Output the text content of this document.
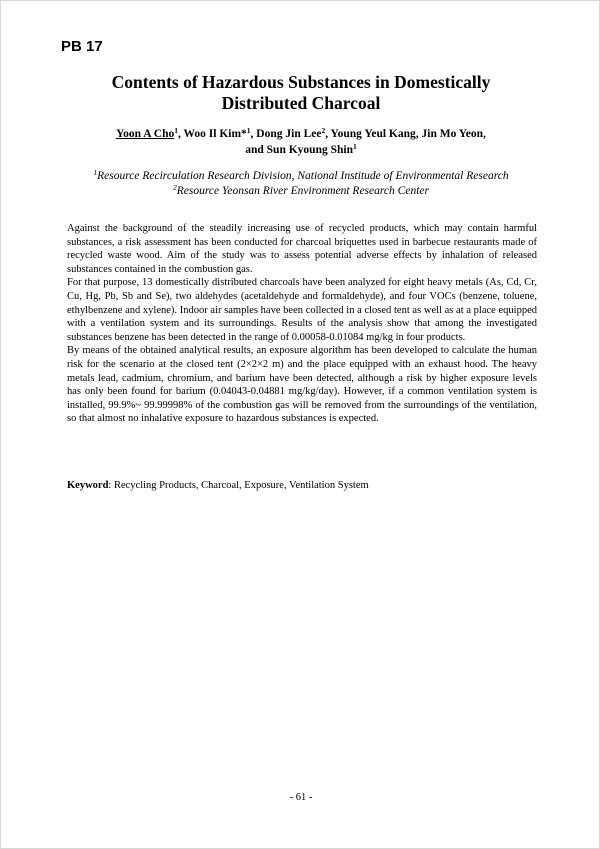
PB 17
Contents of Hazardous Substances in Domestically
Distributed Charcoal
Yoon A Cho$^1$, Woo Il Kim*$^1$, Dong Jin Lee$^2$, Young Yeul Kang, Jin Mo Yeon,
and Sun Kyoung Shin$^1$
$^1$Resource Recirculation Research Division, National Institude of Environmental Research
$^2$Resource Yeonsan River Environment Research Center

Against the background of the steadily increasing use of recycled products, which may contain harmful substances, a risk assessment has been conducted for charcoal briquettes used in barbecue restaurants made of recycled waste wood. Aim of the study was to assess potential adverse effects by inhalation of released substances contained in the combustion gas.

For that purpose, 13 domestically distributed charcoals have been analyzed for eight heavy metals (As, Cd, Cr, Cu, Hg, Pb, Sb and Se), two aldehydes (acetaldehyde and formaldehyde), and four VOCs (benzene, toluene, ethylbenzene and xylene). Indoor air samples have been collected in a closed tent as well as at a place equipped with a ventilation system and its surroundings. Results of the analysis show that among the investigated substances benzene has been detected in the range of 0.00058-0.01084 mg/kg in four products.

By means of the obtained analytical results, an exposure algorithm has been developed to calculate the human risk for the scenario at the closed tent (2×2×2 m) and the place equipped with an exhaust hood. The heavy metals lead, cadmium, chromium, and barium have been detected, although a risk by higher exposure levels has only been found for barium (0.04043-0.04881 mg/kg/day). However, if a common ventilation system is installed, 99.9%~ 99.99998% of the combustion gas will be removed from the surroundings of the ventilation, so that almost no inhalative exposure to hazardous substances is expected.

Keyword: Recycling Products, Charcoal, Exposure, Ventilation System
- 61 -
